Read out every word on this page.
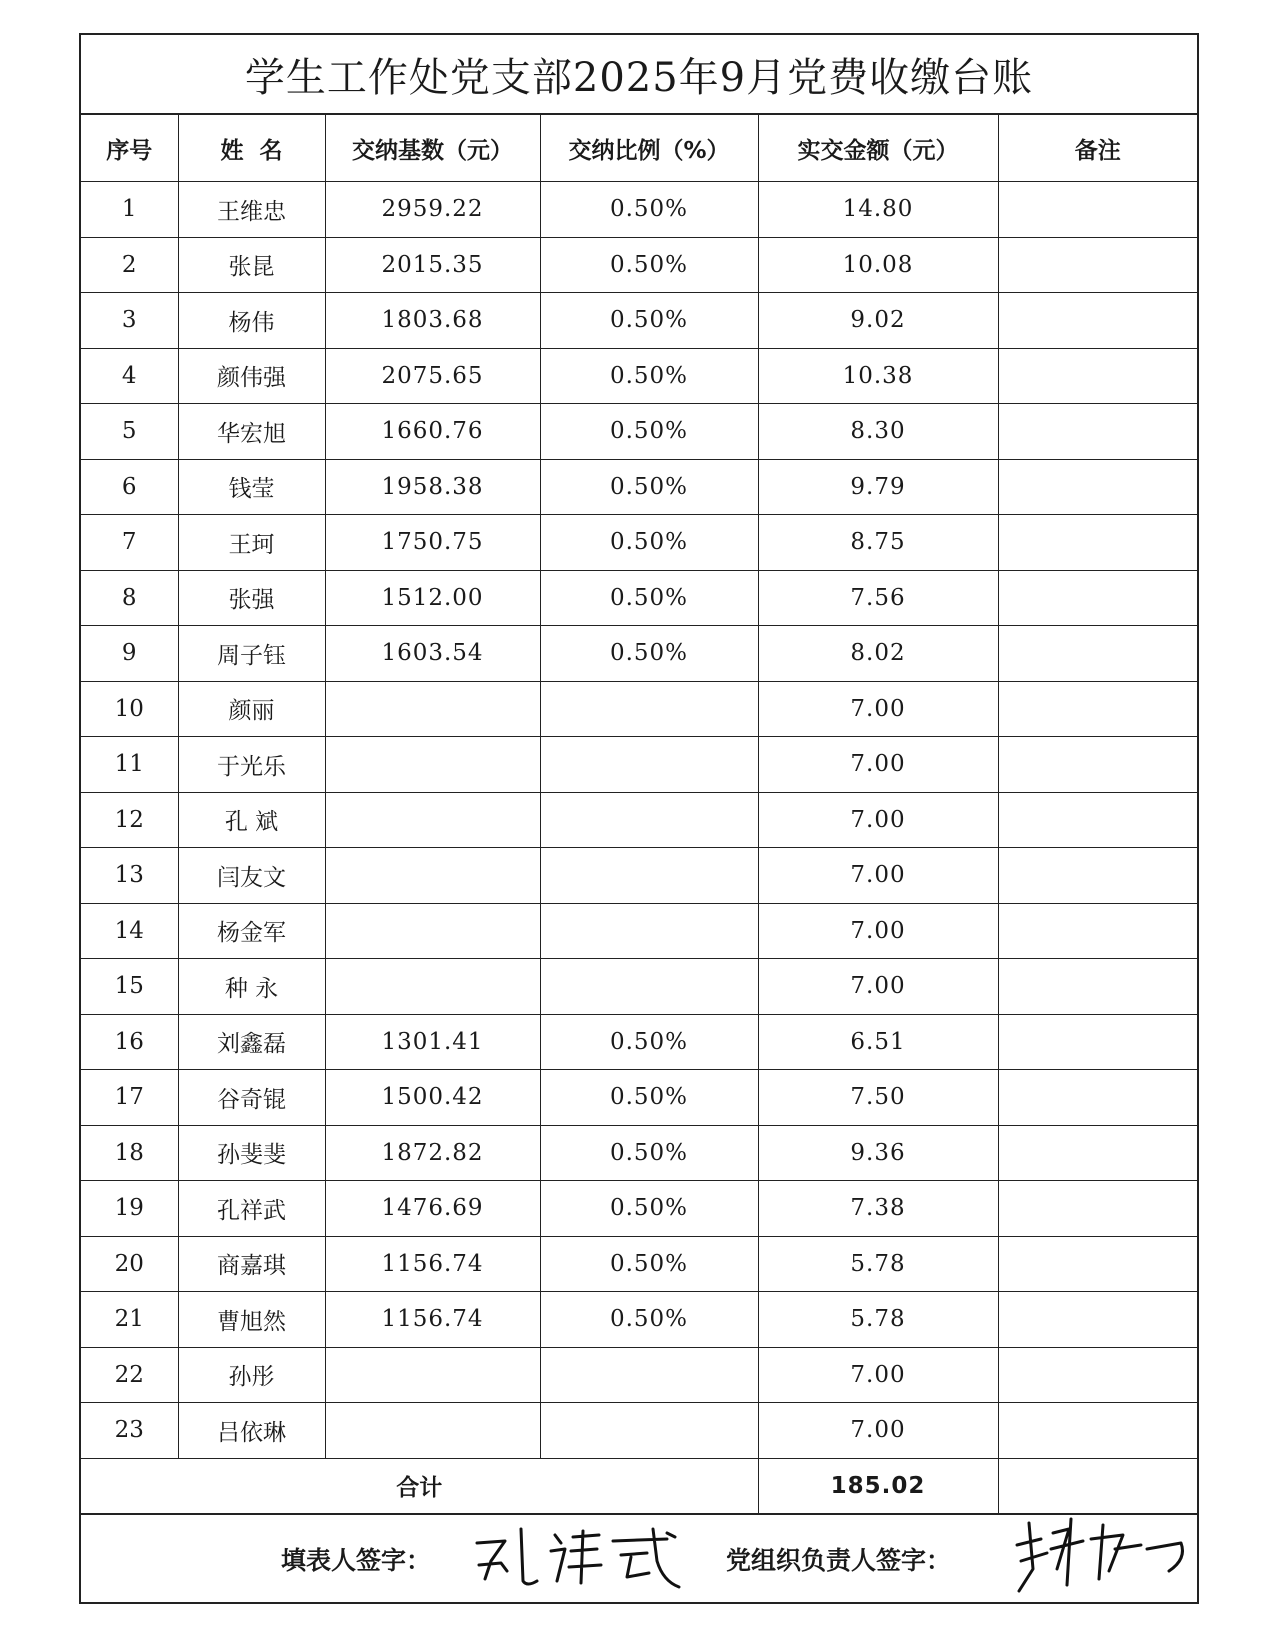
学生工作处党支部2025年9月党费收缴台账
序号	姓  名	交纳基数（元）	交纳比例（%）	实交金额（元）	备注
1	王维忠	2959.22	0.50%	14.80	
2	张昆	2015.35	0.50%	10.08	
3	杨伟	1803.68	0.50%	9.02	
4	颜伟强	2075.65	0.50%	10.38	
5	华宏旭	1660.76	0.50%	8.30	
6	钱莹	1958.38	0.50%	9.79	
7	王珂	1750.75	0.50%	8.75	
8	张强	1512.00	0.50%	7.56	
9	周子钰	1603.54	0.50%	8.02	
10	颜丽			7.00	
11	于光乐			7.00	
12	孔 斌			7.00	
13	闫友文			7.00	
14	杨金军			7.00	
15	种 永			7.00	
16	刘鑫磊	1301.41	0.50%	6.51	
17	谷奇锟	1500.42	0.50%	7.50	
18	孙斐斐	1872.82	0.50%	9.36	
19	孔祥武	1476.69	0.50%	7.38	
20	商嘉琪	1156.74	0.50%	5.78	
21	曹旭然	1156.74	0.50%	5.78	
22	孙彤			7.00	
23	吕依琳			7.00	
合计				185.02	
填表人签字：	党组织负责人签字：
